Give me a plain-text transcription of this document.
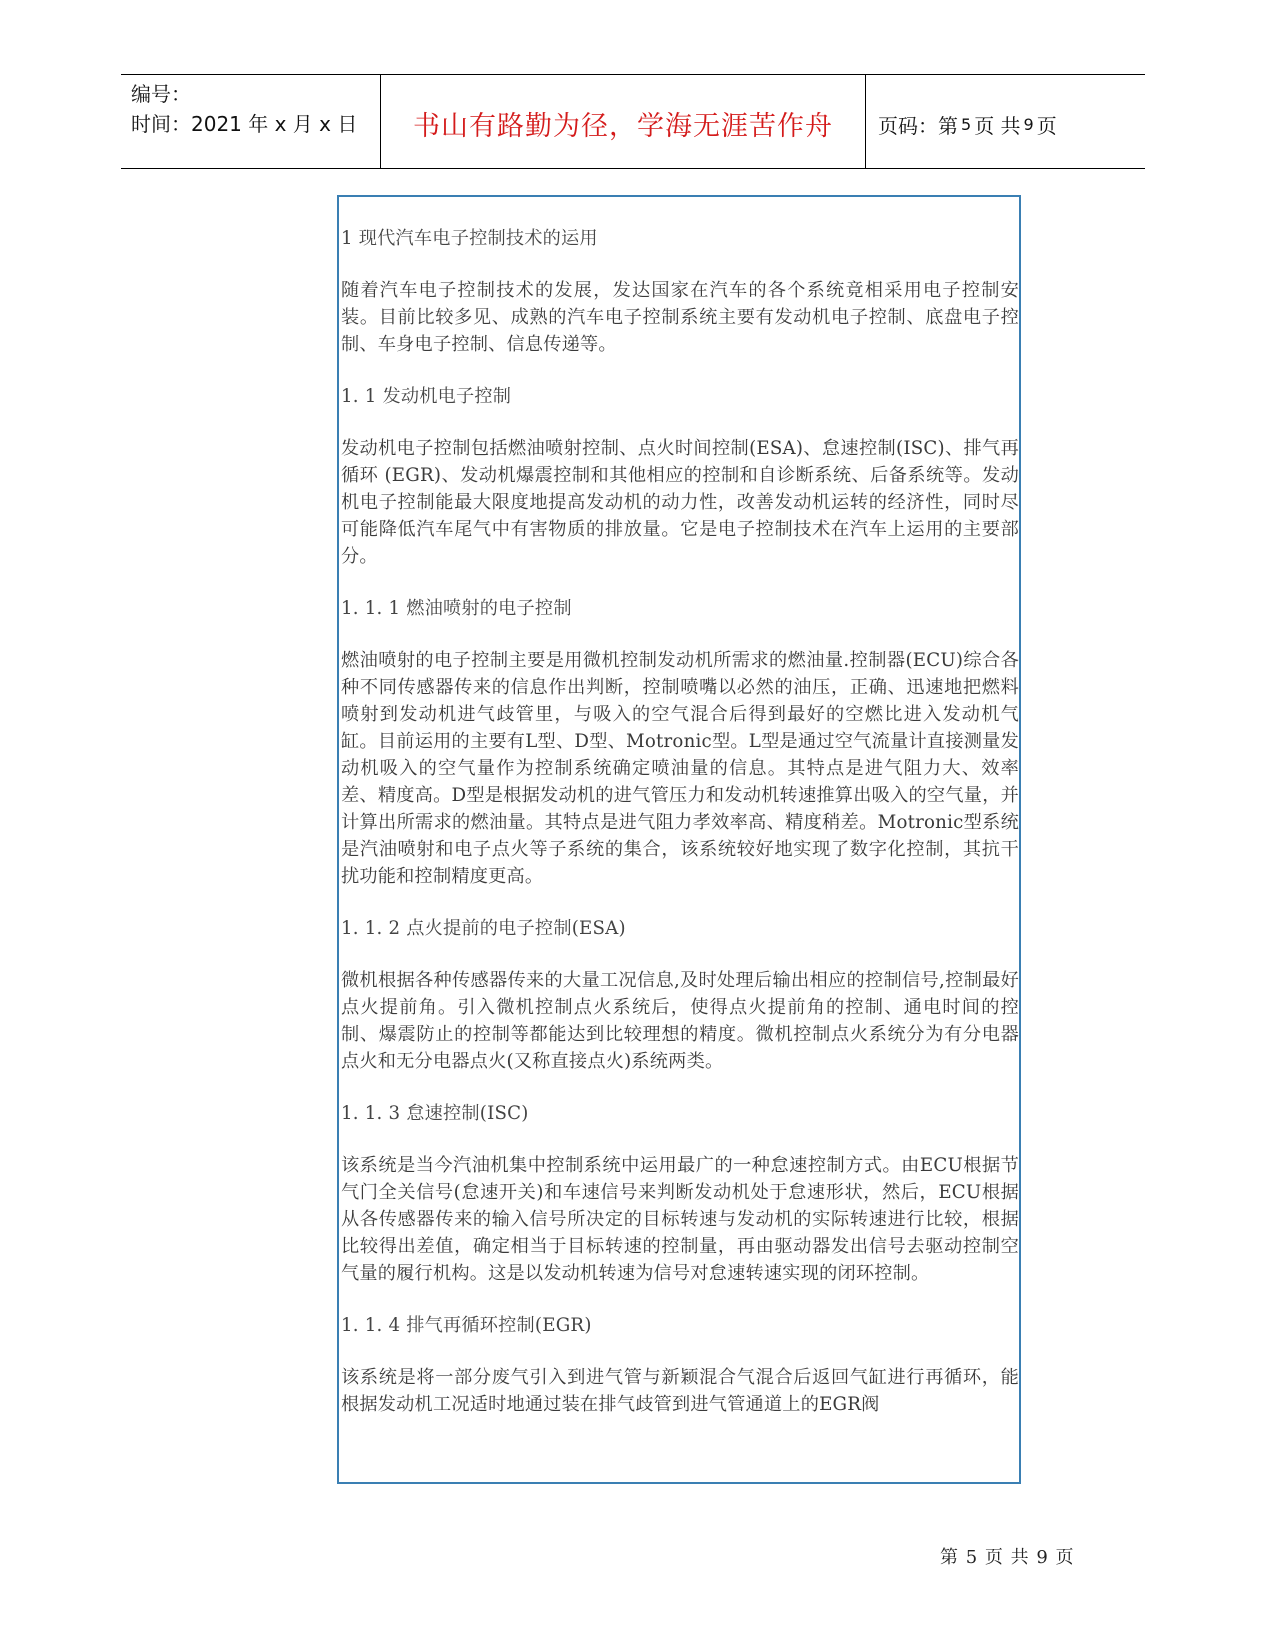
编号：
时间：2021 年 x 月 x 日	书山有路勤为径，学海无涯苦作舟 页码：第 5 页 共 9 页

1 现代汽车电子控制技术的运用

随着汽车电子控制技术的发展，发达国家在汽车的各个系统竟相采用电子控制安装。目前比较多见、成熟的汽车电子控制系统主要有发动机电子控制、底盘电子控制、车身电子控制、信息传递等。

1. 1 发动机电子控制

发动机电子控制包括燃油喷射控制、点火时间控制(ESA)、怠速控制(ISC)、排气再循环 (EGR)、发动机爆震控制和其他相应的控制和自诊断系统、后备系统等。发动机电子控制能最大限度地提高发动机的动力性，改善发动机运转的经济性，同时尽可能降低汽车尾气中有害物质的排放量。它是电子控制技术在汽车上运用的主要部分。

1. 1. 1 燃油喷射的电子控制

燃油喷射的电子控制主要是用微机控制发动机所需求的燃油量.控制器(ECU)综合各种不同传感器传来的信息作出判断，控制喷嘴以必然的油压，正确、迅速地把燃料喷射到发动机进气歧管里，与吸入的空气混合后得到最好的空燃比进入发动机气缸。目前运用的主要有L型、D型、Motronic型。L型是通过空气流量计直接测量发动机吸入的空气量作为控制系统确定喷油量的信息。其特点是进气阻力大、效率差、精度高。D型是根据发动机的进气管压力和发动机转速推算出吸入的空气量，并计算出所需求的燃油量。其特点是进气阻力孝效率高、精度稍差。Motronic型系统是汽油喷射和电子点火等子系统的集合，该系统较好地实现了数字化控制，其抗干扰功能和控制精度更高。

1. 1. 2 点火提前的电子控制(ESA)

微机根据各种传感器传来的大量工况信息,及时处理后输出相应的控制信号,控制最好点火提前角。引入微机控制点火系统后，使得点火提前角的控制、通电时间的控制、爆震防止的控制等都能达到比较理想的精度。微机控制点火系统分为有分电器点火和无分电器点火(又称直接点火)系统两类。

1. 1. 3 怠速控制(ISC)

该系统是当今汽油机集中控制系统中运用最广的一种怠速控制方式。由ECU根据节气门全关信号(怠速开关)和车速信号来判断发动机处于怠速形状，然后，ECU根据从各传感器传来的输入信号所决定的目标转速与发动机的实际转速进行比较，根据比较得出差值，确定相当于目标转速的控制量，再由驱动器发出信号去驱动控制空气量的履行机构。这是以发动机转速为信号对怠速转速实现的闭环控制。

1. 1. 4 排气再循环控制(EGR)

该系统是将一部分废气引入到进气管与新颖混合气混合后返回气缸进行再循环，能根据发动机工况适时地通过装在排气歧管到进气管通道上的EGR阀

第 5 页 共 9 页
